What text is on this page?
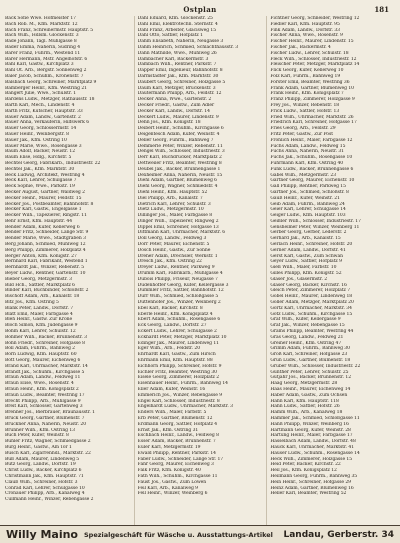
Ostplan	181
Back Sofie Wwe. Hofmeister 17
Bach Rob. M., Kfm. Marktstr. 12
Bach Franz, Schreinermstr. Hauptstr. 5
Bach Wilh., Hdlsm. Glockenstr. 3
Bade Johann, Tagl. Mühlgasse 8
Bäder Emma, Näherin, Südring 4
Bärer Franz, Fuhrm., Westend 11
Bärer Hermann, Mstr. Angelhofstr. 6
Bahl Karl, Gastw., Kirchplatz 3
Bahl Ot. Arb., Bergstr. Sonnenweg 2
Baler Jacob, Schuhm., Kronenstr. 7
Balsbach Georg, Schreiner, Marktplatz 9
Bamberger Heinr., Kfm. Westring 21
Bangert Julie, Wwe., Schulstr. 1
Bardens Ludw., Metzger, Rathausstr. 18
Barth Karl, Mech., Lindenstr. 4
Barth Fritz, Kutscher, Hauptstr. 33
Bauer Adam, Landw., Gartenstr. 2
Bauer Anna, Verkäuferin, Hilfswerk 6
Bauer Georg, Schlossermstr. 14
Bauer Heinr., Weinbergstr. 8
Bauer Jak., Kfm. Ostring 10
Bauer Marie, Wwe., Rosengasse 3
Baum Adolf, Bäcker, Neustr. 12
Baum Elise, Hdlg., Kirchstr. 5
Bechtel Georg, Fabrikarb., Industriestr. 22
Bechtel Jak., Kfm. Marktstr. 30
Beck Ludwig, Architekt, Westring 4
Beck Karl, Lehrer, Schulgasse 7
Beck Sophie, Wwe., Parkstr. 19
Becker August, Gärtner, Waldweg 2
Becker Heinr., Maurer, Feldstr. 15
Becker Jos., Postbeamter, Bahnhofstr. 8
Becker Karl, Gastw., Engelgasse 1
Becker Wilh., Tapezierer, Ringstr. 11
Behr Ernst, Kfm. Hauptstr. 44
Bender Adam, Küfer, Kellerweg 6
Bender Fritz, Schneider, Lange Str. 9
Bender Marie, Wwe., Stadtgraben 3
Berg Johann, Schmied, Mühlweg 12
Berg Philipp, Zimmerer, Holzplatz 4
Berger Anton, Kfm. Königstr. 27
Bernhard Karl, Fabrikant, Westend 1
Bernhardt Jak., Winzer, Rebenstr. 5
Beyer Ludw., Rentner, Gartenstr. 10
Bieber Georg, Metzgermstr. 3
Bild Hch., Sattler, Marktplatz 6
Binder Karl, Buchbinder, Schloßstr. 2
Bischoff Adam, Arb., Kanalstr. 18
Bitz Jos., Kfm. Ostring 5
Blank Peter, Landw., Dorfstr. 7
Blatt Emil, Maler, Farbgasse 4
Bleh Heinr., Gastw. Zur Krone
Bloch Simon, Kfm. Judengasse 9
Böhm Karl, Lehrer, Schulstr. 12
Böhmer Wilh., Bäcker, Brunnenstr. 3
Bohn Friedr., Schreiner, Hofgasse 8
Boll Adam, Fuhrm., Bahnweg 2
Born Ludwig, Kfm. Hauptstr. 60
Bott Georg, Maurer, Eichenweg 6
Brand Karl, Uhrmacher, Marktstr. 14
Brandt Jak., Schuhm., Kirchgasse 5
Braun Adam, Landw., Feldweg 11
Braun Elise, Wwe., Rosenstr. 4
Braun Heinr., Kfm. Königsplatz 2
Braun Ludw., Beamter, Westring 17
Brecht Philipp, Arb., Mühlgasse 9
Breit Karl, Schlosser, Gartenweg 3
Brenner Jos., Bierbrauer, Brauhausstr. 1
Brück Georg, Gärtner, Blumenstr. 7
Brückner Anna, Näherin, Neustr. 20
Brunner Wilh., Kfm. Ostring 13
Buch Peter, Küfer, Weinstr. 8
Bühler Fritz, Wagner, Schmiedgasse 2
Burg Heinr., Gastw., Am Tor 1
Busch Karl, Zigarrenhdl., Marktstr. 22
Buß Adam, Maurer, Lindenweg 5
Butz Georg, Landw., Dorfstr. 19
Christ Ludw., Bäcker, Kirchplatz 6
Christmann Jak., Kfm. Hauptstr. 71
Clauß Wilh., Schreiner, Hofstr. 3
Conrad Karl, Lehrer, Schulgasse 10
Cronauer Philipp, Arb., Kanalweg 4
Cullmann Heinr., Winzer, Rebengasse 2
Dahl Eduard, Kfm. Glockenstr. 25
Dahl Emil, Elektrotechn. Sternstr. 4
Dahl Franz, Arbeiter, Glacisweg 15
Dahl Otto, Sattler, Hofplatz 1
Dahm Elisabeth, Näherin, Neugasse 3
Dahm Heinrich, Schmied, Schlachthausstr. 3
Dahn Mathilde, Wwe., Mühlweg 26
Dambacher Karl, Bäckermstr. 3
Dambach Wilh., Rentner, Parkstr. 7
Dapper Emil, Ingenieur, Bahnhofstr. 8
Darmstädter Jak., Kfm. Marktstr. 30
Daubert Georg, Schreiner, Holzgasse 5
Daum Karl, Metzger, Brückenstr. 3
Dautermann Philipp, Arb., Feldstr. 12
Decker Anna, Wwe., Gartenstr. 2
Decker Friedr., Gastw., Zum Adler
Decker Karl, Landw., Dorfstr. 14
Deckert Ludw., Maurer, Lindenstr. 9
Dehn Jos., Kfm. Königstr. 18
Deibert Heinr., Schuhm., Kirchgasse 6
Deigentesch Adam, Küfer, Weinstr. 4
Deller Georg, Fuhrm., Bahnweg 7
Demmerle Peter, Winzer, Rebenstr. 11
Dengel Wilh., Schlosser, Industriestr. 3
Derr Karl, Buchdrucker, Marktplatz 2
Dettweiler Fritz, Beamter, Westring 8
Deubel Jak., Bäcker, Brunnengasse 1
Dexheimer Anna, Näherin, Neustr. 15
Diehl Adam, Gärtner, Blumenweg 6
Diehl Georg, Wagner, Schmiedstr. 4
Diehl Heinr., Kfm. Hauptstr. 52
Diel Philipp, Arb., Kanalstr. 7
Dietrich Karl, Lehrer, Schulstr. 3
Dietz Ludw., Metzgermstr. 10
Dillinger Jos., Maler, Farbgasse 8
Dinger Wilh., Tapezierer, Ringweg 2
Dippel Emil, Schreiner, Hofgasse 13
Dittmann Karl, Uhrmacher, Marktstr. 6
Doll Georg, Landw., Feldweg 3
Dörr Peter, Maurer, Eichenstr. 5
Dosch Heinr., Gastw., Zur Sonne
Dreher Adam, Drechsler, Werkstr. 1
Dresch Jak., Kfm. Ostring 22
Dreyer Ludw., Rentner, Parkweg 9
Drumm Karl, Fabrikarb., Mühlgasse 4
Dubois Philipp, Friseur, Neugasse 7
Dudenhöffer Georg, Küfer, Kellergasse 3
Dümmler Fritz, Sattler, Bahnhofstr. 12
Dürr Wilh., Schmied, Schloßgasse 5
Duttenhofer Jos., Winzer, Weinberg 2
Ebel Karl, Bäcker, Kirchstr. 8
Eberle Heinr., Kfm. Königsplatz 4
Ebert Adam, Schuhm., Rosengasse 6
Eck Georg, Landw., Dorfstr. 27
Eckert Ludw., Lehrer, Schulgasse 2
Eckhardt Peter, Metzger, Marktplatz 10
Edinger Jak., Maurer, Lindenweg 11
Eger Wilh., Arb., Feldstr. 20
Ehrhardt Karl, Gastw., Zum Hirsch
Ehrmann Emil, Kfm. Hauptstr. 88
Eichhorn Philipp, Schreiner, Hofstr. 9
Eichler Fritz, Beamter, Westring 30
Eisele Georg, Zimmerer, Holzplatz 2
Eisenhauer Heinr., Fuhrm., Bahnweg 14
Eller Adam, Küfer, Weinstr. 16
Emmerich Jos., Winzer, Rebengasse 9
Engel Karl, Schlosser, Industriestr. 8
Engelhardt Ludw., Uhrmacher, Marktstr. 3
Enders Wilh., Maler, Farbstr. 5
Erb Peter, Gärtner, Blumenstr. 12
Erdmann Georg, Sattler, Hofplatz 4
Ernst Jak., Kfm. Ostring 31
Eschbach Heinr., Landw., Feldweg 8
Esser Adam, Bäcker, Brunnenstr. 7
Euler Karl, Metzgermstr. 19
Ewald Philipp, Rentner, Parkstr. 14
Faber Ludw., Schneider, Lange Str. 17
Fahr Georg, Maurer, Eichenweg 3
Falk Fritz, Kfm. Königstr. 40
Fath Wilh., Schuhm., Kirchgasse 11
Faust Jos., Gastw., Zum Löwen
Feil Karl, Arb., Kanalweg 9
Fell Heinr., Winzer, Weinberg 6
Fichtner Georg, Schneider, Westring 12
Fiedler Karl, Kfm. Hauptstr. 95
Fink Adam, Landw., Dorfstr. 33
Fischer Anna, Wwe., Rosenstr. 9
Fischer Heinr., Maurer, Lindenstr. 15
Fischer Jak., Bäckermstr. 4
Fischer Ludw., Lehrer, Schulstr. 18
Fleck Wilh., Schlosser, Industriestr. 12
Fleischer Peter, Metzger, Marktplatz 14
Flick Georg, Küfer, Kellerweg 10
Folz Karl, Fuhrm., Bahnweg 19
Forster Emil, Beamter, Westring 36
Frank Adam, Gärtner, Blumenweg 10
Frank Heinr., Kfm. Königsplatz 7
Franz Philipp, Zimmerer, Holzgasse 9
Frey Jos., Winzer, Rebenstr. 18
Frick Ludw., Sattler, Hofstr. 13
Fried Wilh., Uhrmacher, Marktstr. 26
Friedrich Karl, Schreiner, Hofgasse 17
Fries Georg, Arb., Feldstr. 29
Fritz Peter, Gastw., Zur Post
Fröhlich Heinr., Maler, Farbgasse 12
Fuchs Adam, Landw., Feldweg 15
Fuchs Anna, Näherin, Neustr. 31
Fuchs Jak., Schuhm., Rosengasse 10
Fuhrmann Karl, Kfm. Ostring 40
Funk Ludw., Bäcker, Brunnengasse 6
Gabel Wilh., Metzgermstr. 23
Gärtner Georg, Maurer, Eichenstr. 10
Gall Philipp, Rentner, Parkweg 15
Gärtner Jos., Schmied, Schloßstr. 8
Gauß Heinr., Küfer, Weinstr. 21
Geib Adam, Fuhrm., Bahnweg 24
Geier Karl, Lehrer, Schulgasse 14
Geiger Ludw., Kfm. Hauptstr. 103
Geißler Wilh., Schlosser, Industriestr. 17
Gensheimer Peter, Winzer, Weinberg 11
Gerber Georg, Gerber, Lederstr. 2
Gerhard Jak., Arb., Kanalstr. 15
Gerlach Heinr., Schreiner, Hofstr. 20
Gerner Adam, Landw., Dorfstr. 41
Gerst Karl, Gastw., Zum Schwan
Geyer Ludw., Sattler, Hofplatz 9
Gieß Wilh., Maler, Farbstr. 10
Gilles Philipp, Kfm. Königstr. 52
Glaser Jos., Glasermstr. 2
Gläser Georg, Bäcker, Kirchstr. 16
Gleich Peter, Zimmerer, Holzplatz 7
Göbel Heinr., Maurer, Lindenweg 18
Göller Adam, Metzger, Marktplatz 20
Görtz Karl, Uhrmacher, Marktstr. 34
Götz Ludw., Schuhm., Kirchgasse 15
Graf Wilh., Küfer, Kellergasse 9
Gräf Jak., Winzer, Rebengasse 15
Grams Philipp, Beamter, Westring 44
Gras Georg, Landw., Feldweg 21
Greiner Heinr., Kfm. Ostring 47
Grimm Adam, Fuhrm., Bahnweg 30
Groß Karl, Schreiner, Hofgasse 23
Grün Ludw., Gärtner, Blumenstr. 18
Gruber Wilh., Schlosser, Industriestr. 22
Günther Peter, Lehrer, Schulstr. 25
Gutjahr Jos., Bäcker, Brunnenstr. 12
Haag Georg, Metzgermstr. 28
Haas Heinr., Maurer, Eichenweg 14
Haber Adam, Gastw., Zum Ochsen
Hahn Karl, Kfm. Hauptstr. 118
Hahn Ludw., Sattler, Hofstr. 26
Hamm Wilh., Arb., Kanalweg 18
Hammer Jak., Schmied, Schloßgasse 11
Hanß Philipp, Winzer, Weinberg 16
Hartmann Georg, Küfer, Weinstr. 28
Hartung Heinr., Maler, Farbgasse 17
Hasselbach Adam, Landw., Dorfstr. 48
Hauck Karl, Uhrmacher, Marktstr. 41
Hauser Ludw., Schuhm., Rosengasse 14
Heck Wilh., Zimmerer, Holzgasse 15
Heid Peter, Bäcker, Kirchstr. 22
Heil Jos., Kfm. Königsplatz 12
Heilmann Georg, Fuhrm., Bahnweg 35
Hein Heinr., Schreiner, Hofgasse 29
Heinz Adam, Gärtner, Blumenweg 16
Heller Karl, Beamter, Westring 52
Willy Maino Spezialgeschäft für Wäsche u. Ausstattungs-Artikel	Landau, Gerberstr. 34
